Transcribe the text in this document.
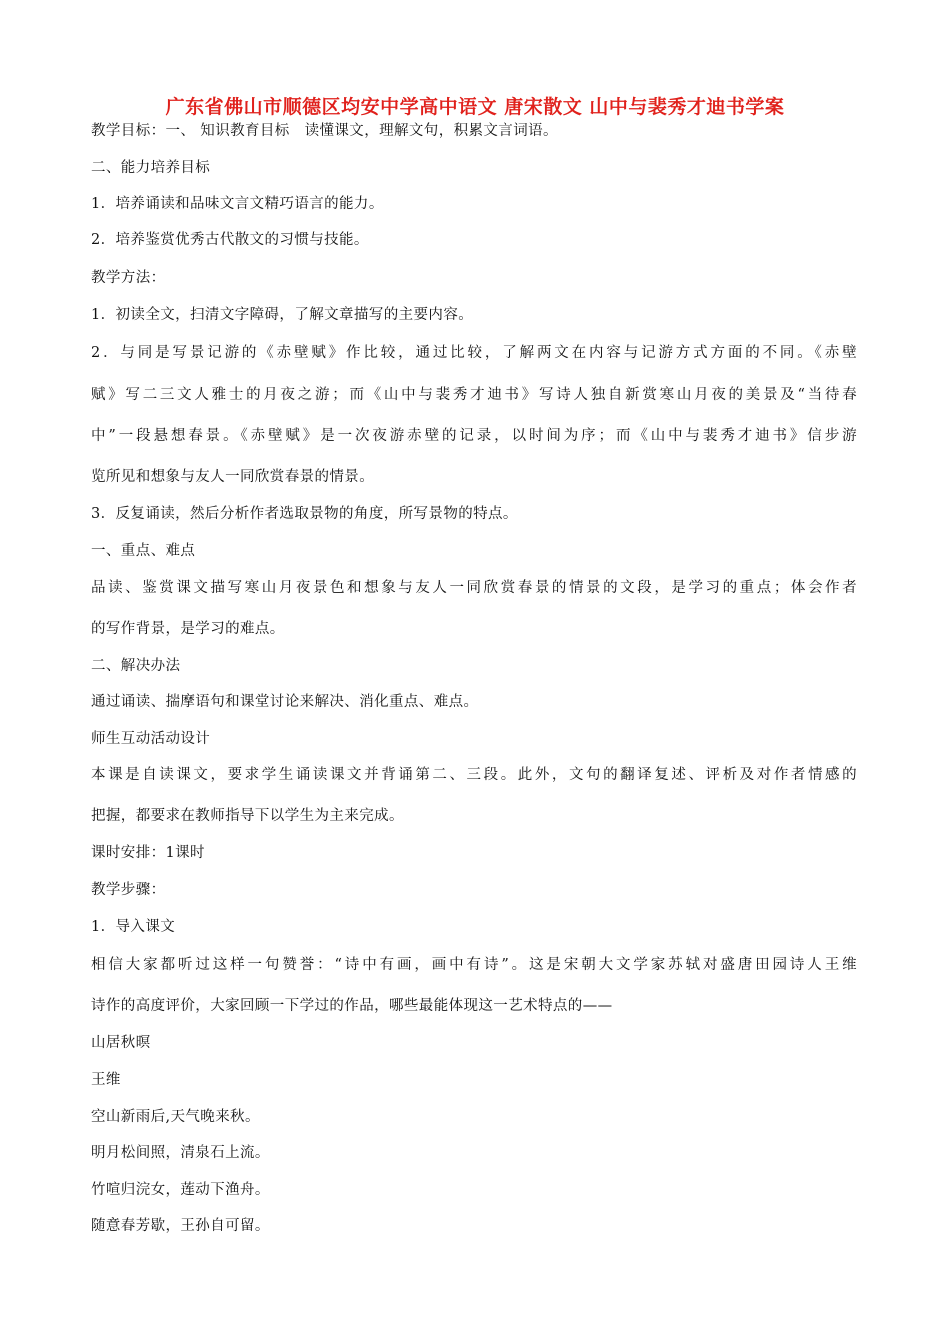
广东省佛山市顺德区均安中学高中语文 唐宋散文 山中与裴秀才迪书学案
教学目标：一、 知识教育目标　读懂课文，理解文句，积累文言词语。
二、能力培养目标
1．培养诵读和品味文言文精巧语言的能力。
2．培养鉴赏优秀古代散文的习惯与技能。
教学方法：
1．初读全文，扫清文字障碍，了解文章描写的主要内容。
2．与同是写景记游的《赤壁赋》作比较，通过比较，了解两文在内容与记游方式方面的不同。《赤壁
赋》写二三文人雅士的月夜之游；而《山中与裴秀才迪书》写诗人独自新赏寒山月夜的美景及“当待春
中”一段悬想春景。《赤壁赋》是一次夜游赤壁的记录，以时间为序；而《山中与裴秀才迪书》信步游
览所见和想象与友人一同欣赏春景的情景。
3．反复诵读，然后分析作者选取景物的角度，所写景物的特点。
一、重点、难点
品读、鉴赏课文描写寒山月夜景色和想象与友人一同欣赏春景的情景的文段，是学习的重点；体会作者
的写作背景，是学习的难点。
二、解决办法
通过诵读、揣摩语句和课堂讨论来解决、消化重点、难点。
师生互动活动设计
本课是自读课文，要求学生诵读课文并背诵第二、三段。此外，文句的翻译复述、评析及对作者情感的
把握，都要求在教师指导下以学生为主来完成。
课时安排：1课时
教学步骤：
1．导入课文
相信大家都听过这样一句赞誉：“诗中有画，画中有诗”。这是宋朝大文学家苏轼对盛唐田园诗人王维
诗作的高度评价，大家回顾一下学过的作品，哪些最能体现这一艺术特点的——
山居秋暝
王维
空山新雨后,天气晚来秋。
明月松间照，清泉石上流。
竹喧归浣女，莲动下渔舟。
随意春芳歇，王孙自可留。
